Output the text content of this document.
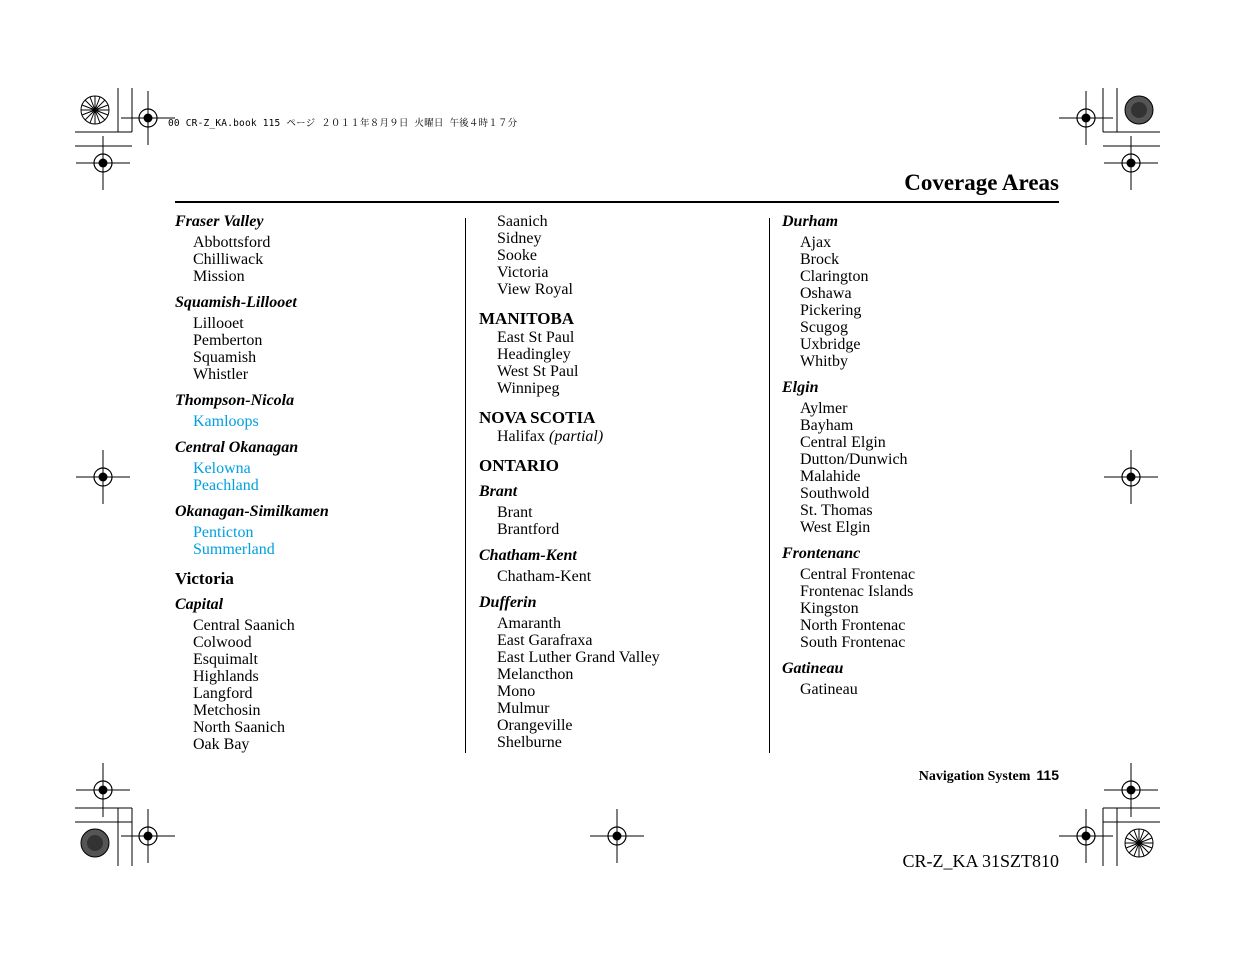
00 CR-Z_KA.book 115 ページ ２０１１年８月９日 火曜日 午後４時１７分
Coverage Areas
Fraser Valley
Abbottsford
Chilliwack
Mission
Squamish-Lillooet
Lillooet
Pemberton
Squamish
Whistler
Thompson-Nicola
Kamloops
Central Okanagan
Kelowna
Peachland
Okanagan-Similkamen
Penticton
Summerland
Victoria
Capital
Central Saanich
Colwood
Esquimalt
Highlands
Langford
Metchosin
North Saanich
Oak Bay
Saanich
Sidney
Sooke
Victoria
View Royal
MANITOBA
East St Paul
Headingley
West St Paul
Winnipeg
NOVA SCOTIA
Halifax (partial)
ONTARIO
Brant
Brant
Brantford
Chatham-Kent
Chatham-Kent
Dufferin
Amaranth
East Garafraxa
East Luther Grand Valley
Melancthon
Mono
Mulmur
Orangeville
Shelburne
Durham
Ajax
Brock
Clarington
Oshawa
Pickering
Scugog
Uxbridge
Whitby
Elgin
Aylmer
Bayham
Central Elgin
Dutton/Dunwich
Malahide
Southwold
St. Thomas
West Elgin
Frontenanc
Central Frontenac
Frontenac Islands
Kingston
North Frontenac
South Frontenac
Gatineau
Gatineau
Navigation System 115
CR-Z_KA 31SZT810
